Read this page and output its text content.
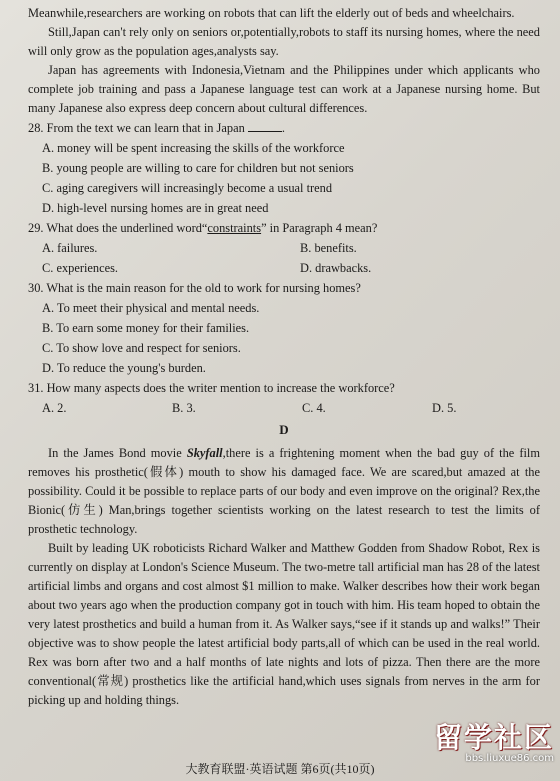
Meanwhile,researchers are working on robots that can lift the elderly out of beds and wheelchairs.

Still,Japan can't rely only on seniors or,potentially,robots to staff its nursing homes, where the need will only grow as the population ages,analysts say.

Japan has agreements with Indonesia,Vietnam and the Philippines under which applicants who complete job training and pass a Japanese language test can work at a Japanese nursing home. But many Japanese also express deep concern about cultural differences.

28. From the text we can learn that in Japan	.

A. money will be spent increasing the skills of the workforce

B. young people are willing to care for children but not seniors

C. aging caregivers will increasingly become a usual trend

D. high-level nursing homes are in great need

29. What does the underlined word“constraints” in Paragraph 4 mean?

A. failures.	B. benefits.
C. experiences.	D. drawbacks.

30. What is the main reason for the old to work for nursing homes?

A. To meet their physical and mental needs.

B. To earn some money for their families.

C. To show love and respect for seniors.

D. To reduce the young's burden.

31. How many aspects does the writer mention to increase the workforce?

A. 2.	B. 3.	C. 4.	D. 5.
D

In the James Bond movie Skyfall,there is a frightening moment when the bad guy of the film removes his prosthetic(假体) mouth to show his damaged face. We are scared,but amazed at the possibility. Could it be possible to replace parts of our body and even improve on the original? Rex,the Bionic(仿生) Man,brings together scientists working on the latest research to test the limits of prosthetic technology.

Built by leading UK roboticists Richard Walker and Matthew Godden from Shadow Robot, Rex is currently on display at London's Science Museum. The two-metre tall artificial man has 28 of the latest artificial limbs and organs and cost almost $1 million to make. Walker describes how their work began about two years ago when the production company got in touch with him. His team hoped to obtain the very latest prosthetics and build a human from it. As Walker says,“see if it stands up and walks!” Their objective was to show people the latest artificial body parts,all of which can be used in the real world. Rex was born after two and a half months of late nights and lots of pizza. Then there are the more conventional(常规) prosthetics like the artificial hand,which uses signals from nerves in the arm for picking up and holding things.

大教育联盟·英语试题 第6页(共10页)
留学社区
bbs.liuxue86.com
